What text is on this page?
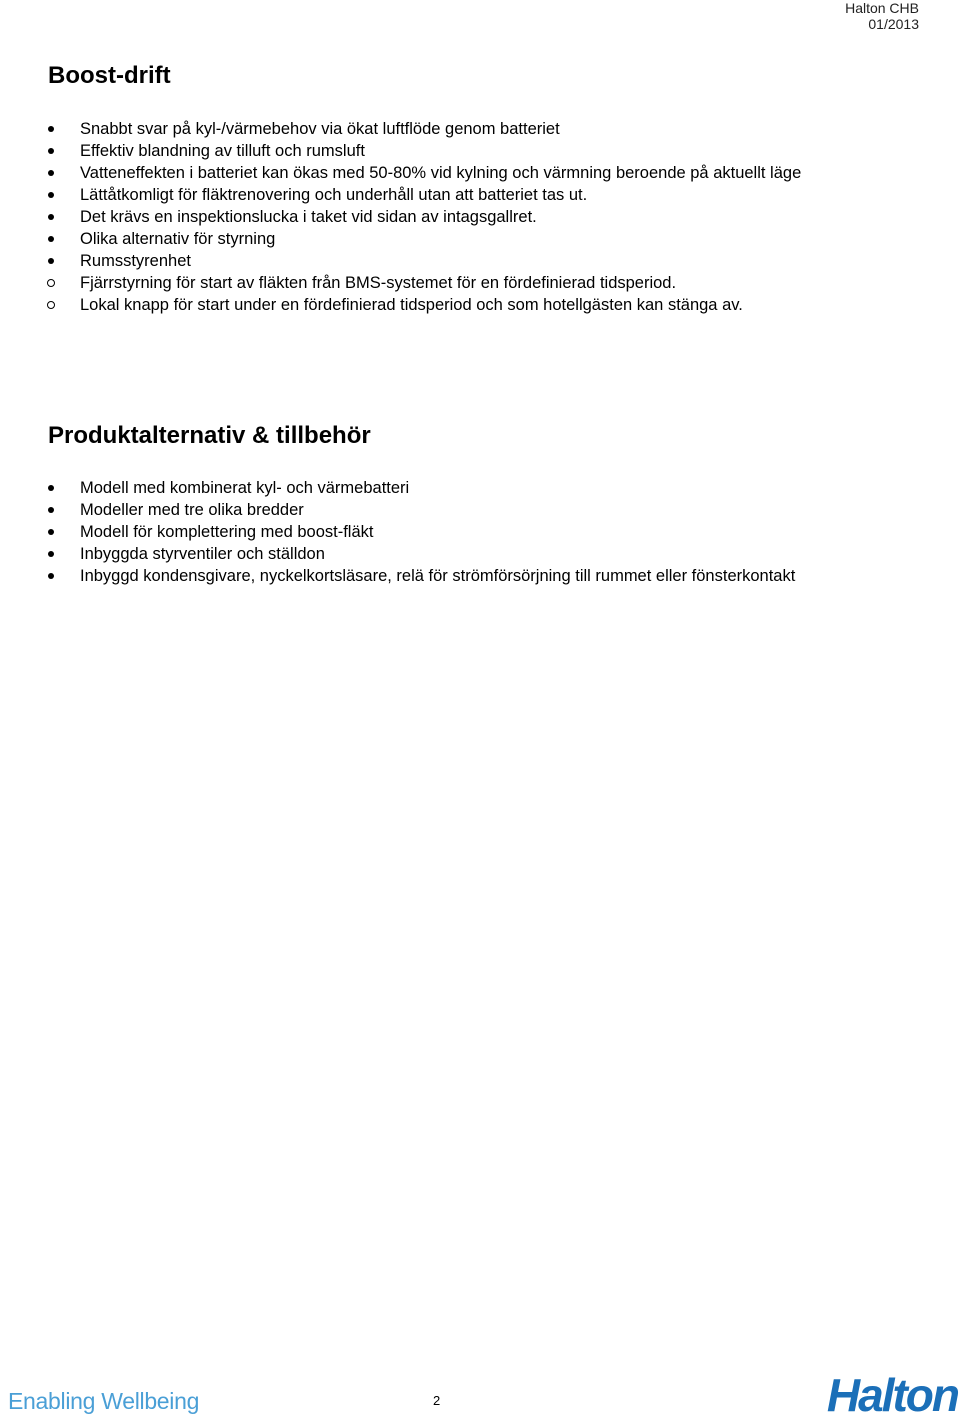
Halton CHB
01/2013
Boost-drift
Snabbt svar på kyl-/värmebehov via ökat luftflöde genom batteriet
Effektiv blandning av tilluft och rumsluft
Vatteneffekten i batteriet kan ökas med 50-80% vid kylning och värmning beroende på aktuellt läge
Lättåtkomligt för fläktrenovering och underhåll utan att batteriet tas ut.
Det krävs en inspektionslucka i taket vid sidan av intagsgallret.
Olika alternativ för styrning
Rumsstyrenhet
Fjärrstyrning för start av fläkten från BMS-systemet för en fördefinierad tidsperiod.
Lokal knapp för start under en fördefinierad tidsperiod och som hotellgästen kan stänga av.
Produktalternativ & tillbehör
Modell med kombinerat kyl- och värmebatteri
Modeller med tre olika bredder
Modell för komplettering med boost-fläkt
Inbyggda styrventiler och ställdon
Inbyggd kondensgivare, nyckelkortsläsare, relä för strömförsörjning till rummet eller fönsterkontakt
Enabling Wellbeing	2	Halton
